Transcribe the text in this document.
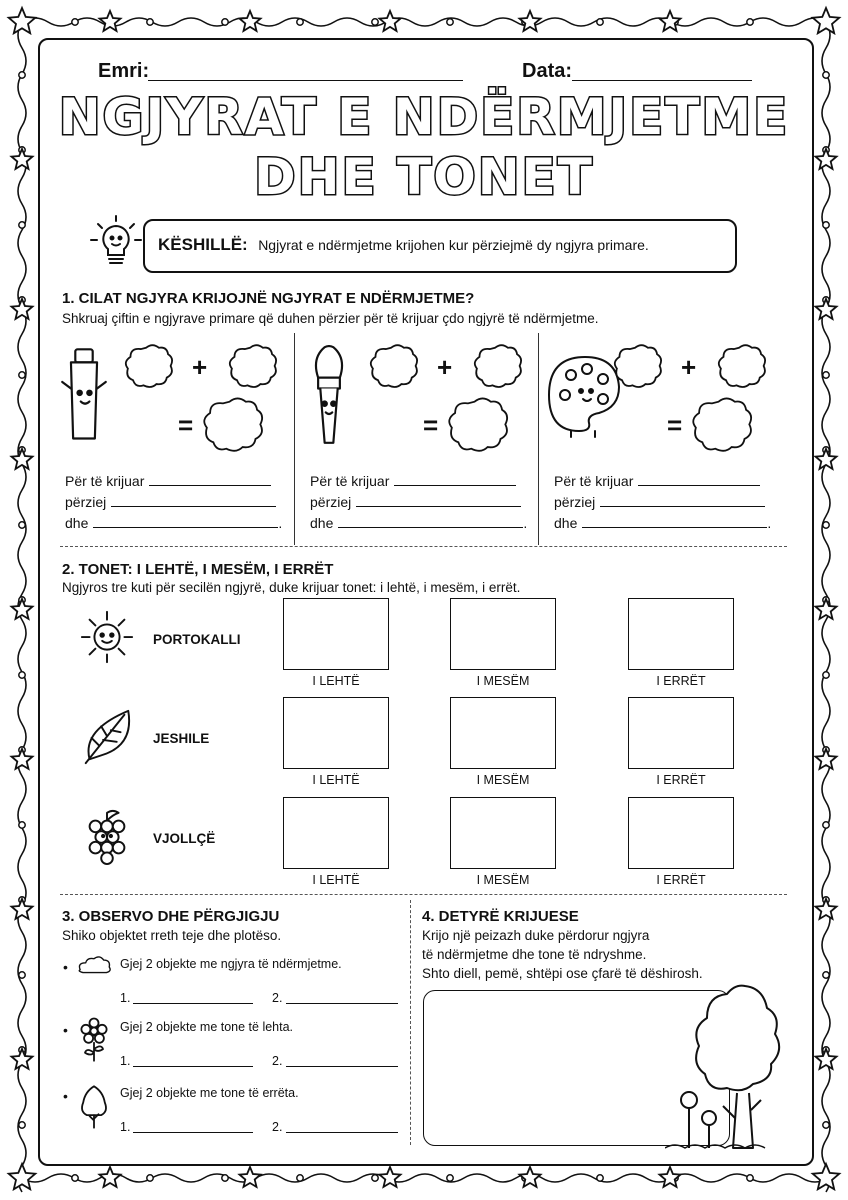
Emri:	Data:
NGJYRAT E NDËRMJETME
DHE TONET
KËSHILLË: Ngjyrat e ndërmjetme krijohen kur përziejmë dy ngjyra primare.
1. CILAT NGJYRA KRIJOJNË NGJYRAT E NDËRMJETME?
Shkruaj çiftin e ngjyrave primare që duhen përzier për të krijuar çdo ngjyrë të ndërmjetme.
2. TONET: I LEHTË, I MESËM, I ERRËT
Ngjyros tre kuti për secilën ngjyrë, duke krijuar tonet: i lehtë, i mesëm, i errët.
3. OBSERVO DHE PËRGJIGJU
Shiko objektet rreth teje dhe plotëso.
4. DETYRË KRIJUESE
Krijo një peizazh duke përdorur ngjyra
të ndërmjetme dhe tone të ndryshme.
Shto diell, pemë, shtëpi ose çfarë të dëshirosh.
+
=
Për të krijuar
përziej
dhe	.
+
=
Për të krijuar
përziej
dhe	.
+
=
Për të krijuar
përziej
dhe	.
PORTOKALLI
I LEHTË	I MESËM	I ERRËT
JESHILE
I LEHTË	I MESËM	I ERRËT
VJOLLÇË
I LEHTË	I MESËM	I ERRËT
•	Gjej 2 objekte me ngjyra të ndërmjetme.
1.	2.
•	Gjej 2 objekte me tone të lehta.
1.	2.
•	Gjej 2 objekte me tone të errëta.
1.	2.
